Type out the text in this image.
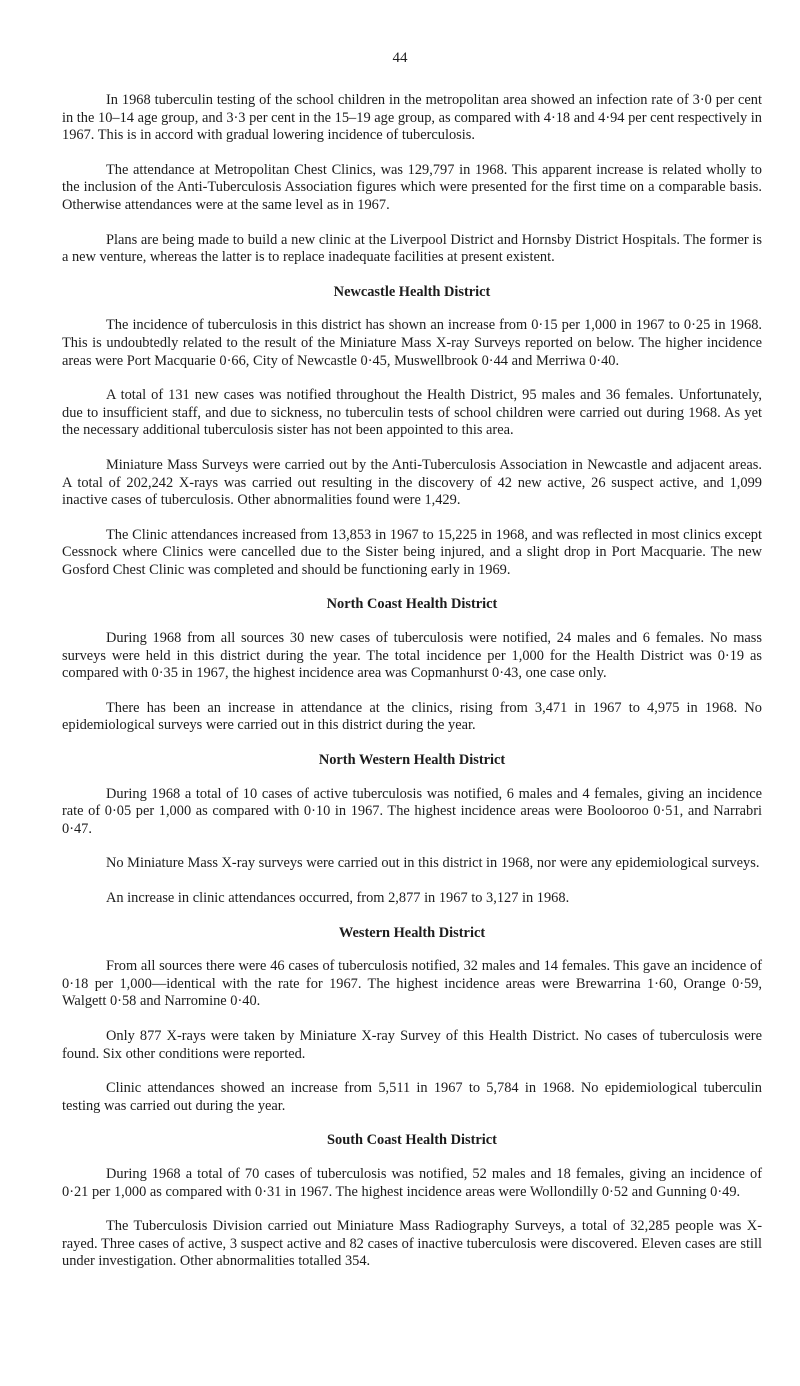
44

In 1968 tuberculin testing of the school children in the metropolitan area showed an infection rate of 3·0 per cent in the 10–14 age group, and 3·3 per cent in the 15–19 age group, as compared with 4·18 and 4·94 per cent respectively in 1967. This is in accord with gradual lowering incidence of tuberculosis.

The attendance at Metropolitan Chest Clinics, was 129,797 in 1968. This apparent increase is related wholly to the inclusion of the Anti-Tuberculosis Association figures which were presented for the first time on a comparable basis. Otherwise attendances were at the same level as in 1967.

Plans are being made to build a new clinic at the Liverpool District and Hornsby District Hospitals. The former is a new venture, whereas the latter is to replace inadequate facilities at present existent.

Newcastle Health District

The incidence of tuberculosis in this district has shown an increase from 0·15 per 1,000 in 1967 to 0·25 in 1968. This is undoubtedly related to the result of the Miniature Mass X-ray Surveys reported on below. The higher incidence areas were Port Macquarie 0·66, City of Newcastle 0·45, Muswellbrook 0·44 and Merriwa 0·40.

A total of 131 new cases was notified throughout the Health District, 95 males and 36 females. Unfortunately, due to insufficient staff, and due to sickness, no tuberculin tests of school children were carried out during 1968. As yet the necessary additional tuberculosis sister has not been appointed to this area.

Miniature Mass Surveys were carried out by the Anti-Tuberculosis Association in Newcastle and adjacent areas. A total of 202,242 X-rays was carried out resulting in the discovery of 42 new active, 26 suspect active, and 1,099 inactive cases of tuberculosis. Other abnormalities found were 1,429.

The Clinic attendances increased from 13,853 in 1967 to 15,225 in 1968, and was reflected in most clinics except Cessnock where Clinics were cancelled due to the Sister being injured, and a slight drop in Port Macquarie. The new Gosford Chest Clinic was completed and should be functioning early in 1969.

North Coast Health District

During 1968 from all sources 30 new cases of tuberculosis were notified, 24 males and 6 females. No mass surveys were held in this district during the year. The total incidence per 1,000 for the Health District was 0·19 as compared with 0·35 in 1967, the highest incidence area was Copmanhurst 0·43, one case only.

There has been an increase in attendance at the clinics, rising from 3,471 in 1967 to 4,975 in 1968. No epidemiological surveys were carried out in this district during the year.

North Western Health District

During 1968 a total of 10 cases of active tuberculosis was notified, 6 males and 4 females, giving an incidence rate of 0·05 per 1,000 as compared with 0·10 in 1967. The highest incidence areas were Boolooroo 0·51, and Narrabri 0·47.

No Miniature Mass X-ray surveys were carried out in this district in 1968, nor were any epidemiological surveys.

An increase in clinic attendances occurred, from 2,877 in 1967 to 3,127 in 1968.

Western Health District

From all sources there were 46 cases of tuberculosis notified, 32 males and 14 females. This gave an incidence of 0·18 per 1,000—identical with the rate for 1967. The highest incidence areas were Brewarrina 1·60, Orange 0·59, Walgett 0·58 and Narromine 0·40.

Only 877 X-rays were taken by Miniature X-ray Survey of this Health District. No cases of tuberculosis were found. Six other conditions were reported.

Clinic attendances showed an increase from 5,511 in 1967 to 5,784 in 1968. No epidemiological tuberculin testing was carried out during the year.

South Coast Health District

During 1968 a total of 70 cases of tuberculosis was notified, 52 males and 18 females, giving an incidence of 0·21 per 1,000 as compared with 0·31 in 1967. The highest incidence areas were Wollondilly 0·52 and Gunning 0·49.

The Tuberculosis Division carried out Miniature Mass Radiography Surveys, a total of 32,285 people was X-rayed. Three cases of active, 3 suspect active and 82 cases of inactive tuberculosis were discovered. Eleven cases are still under investigation. Other abnormalities totalled 354.
